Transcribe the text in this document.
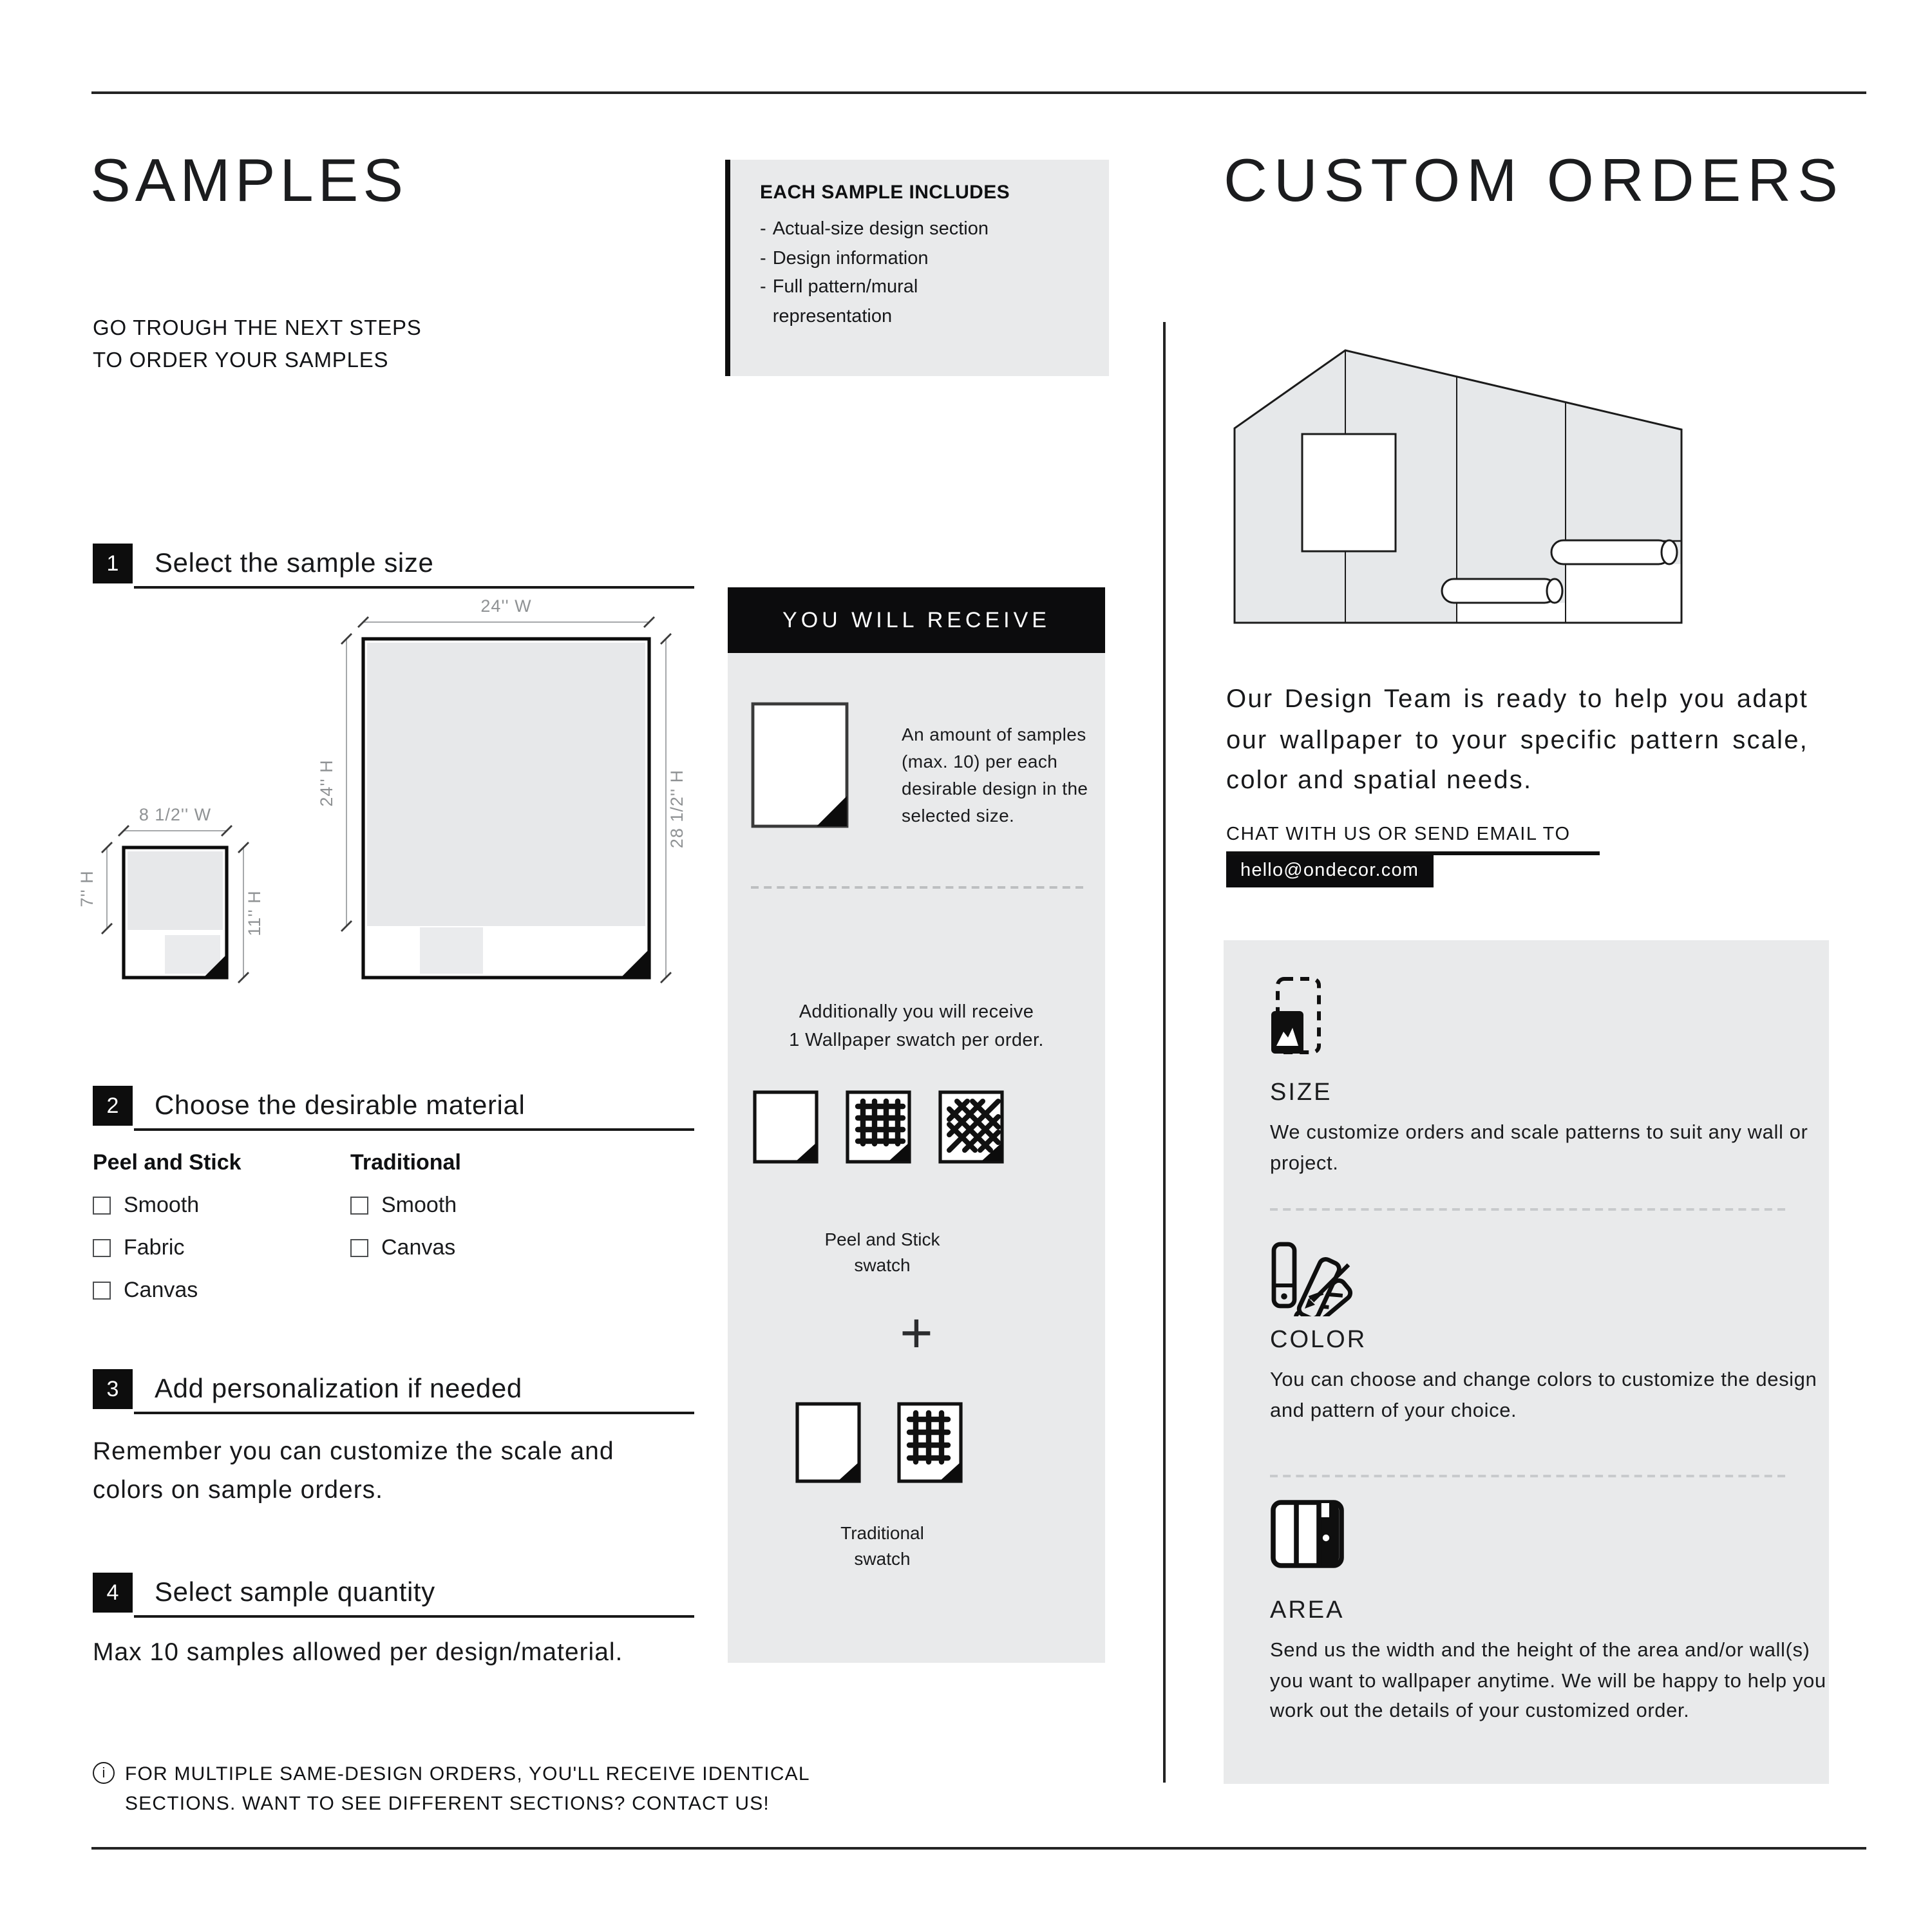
SAMPLES
GO TROUGH THE NEXT STEPS
TO ORDER YOUR SAMPLES
EACH SAMPLE INCLUDES
- Actual-size design section
- Design information
- Full pattern/mural representation
1	Select the sample size
8 1/2'' W
7'' H
11'' H
24'' W
24'' H	28 1/2'' H
2	Choose the desirable material
Peel and Stick
Smooth
Fabric
Canvas
Traditional
Smooth
Canvas
3	Add personalization if needed
Remember you can customize the scale and colors on sample orders.
4	Select sample quantity
Max 10 samples allowed per design/material.
i	FOR MULTIPLE SAME-DESIGN ORDERS, YOU'LL RECEIVE IDENTICAL
SECTIONS. WANT TO SEE DIFFERENT SECTIONS? CONTACT US!
YOU WILL RECEIVE
An amount of samples (max. 10) per each desirable design in the selected size.
Additionally you will receive
1 Wallpaper swatch per order.
Peel and Stick
swatch
+
Traditional
swatch
CUSTOM ORDERS
Our Design Team is ready to help you adapt our wallpaper to your specific pattern scale, color and spatial needs.
CHAT WITH US OR SEND EMAIL TO
hello@ondecor.com
SIZE
We customize orders and scale patterns to suit any wall or project.
COLOR
You can choose and change colors to customize the design and pattern of your choice.
AREA
Send us the width and the height of the area and/or wall(s) you want to wallpaper anytime. We will be happy to help you work out the details of your customized order.
